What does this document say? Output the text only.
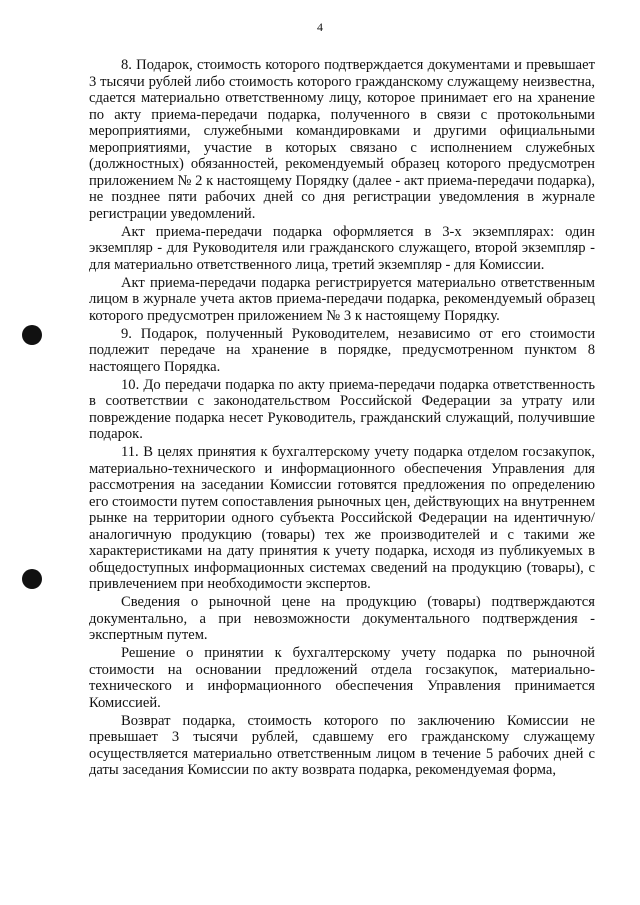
4

8. Подарок, стоимость которого подтверждается документами и превышает 3 тысячи рублей либо стоимость которого гражданскому служащему неизвестна, сдается материально ответственному лицу, которое принимает его на хранение по акту приема-передачи подарка, полученного в связи с протокольными мероприятиями, служебными командировками и другими официальными мероприятиями, участие в которых связано с исполнением служебных (должностных) обязанностей, рекомендуемый образец которого предусмотрен приложением № 2 к настоящему Порядку (далее - акт приема-передачи подарка), не позднее пяти рабочих дней со дня регистрации уведомления в журнале регистрации уведомлений.

Акт приема-передачи подарка оформляется в 3-х экземплярах: один экземпляр - для Руководителя или гражданского служащего, второй экземпляр - для материально ответственного лица, третий экземпляр - для Комиссии.

Акт приема-передачи подарка регистрируется материально ответственным лицом в журнале учета актов приема-передачи подарка, рекомендуемый образец которого предусмотрен приложением № 3 к настоящему Порядку.

9. Подарок, полученный Руководителем, независимо от его стоимости подлежит передаче на хранение в порядке, предусмотренном пунктом 8 настоящего Порядка.

10. До передачи подарка по акту приема-передачи подарка ответственность в соответствии с законодательством Российской Федерации за утрату или повреждение подарка несет Руководитель, гражданский служащий, получившие подарок.

11. В целях принятия к бухгалтерскому учету подарка отделом госзакупок, материально-технического и информационного обеспечения Управления для рассмотрения на заседании Комиссии готовятся предложения по определению его стоимости путем сопоставления рыночных цен, действующих на внутреннем рынке на территории одного субъекта Российской Федерации на идентичную/аналогичную продукцию (товары) тех же производителей и с такими же характеристиками на дату принятия к учету подарка, исходя из публикуемых в общедоступных информационных системах сведений на продукцию (товары), с привлечением при необходимости экспертов.

Сведения о рыночной цене на продукцию (товары) подтверждаются документально, а при невозможности документального подтверждения - экспертным путем.

Решение о принятии к бухгалтерскому учету подарка по рыночной стоимости на основании предложений отдела госзакупок, материально-технического и информационного обеспечения Управления принимается Комиссией.

Возврат подарка, стоимость которого по заключению Комиссии не превышает 3 тысячи рублей, сдавшему его гражданскому служащему осуществляется материально ответственным лицом в течение 5 рабочих дней с даты заседания Комиссии по акту возврата подарка, рекомендуемая форма,
